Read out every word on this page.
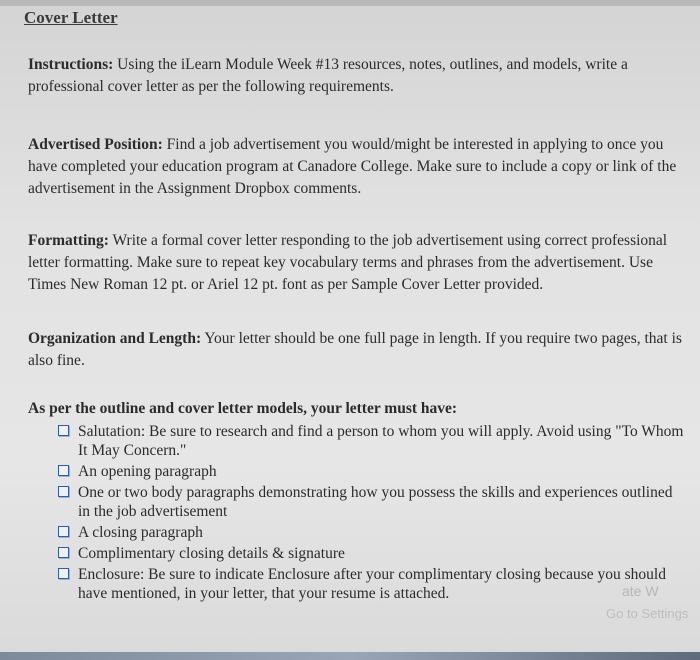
Cover Letter
Instructions: Using the iLearn Module Week #13 resources, notes, outlines, and models, write a professional cover letter as per the following requirements.
Advertised Position: Find a job advertisement you would/might be interested in applying to once you have completed your education program at Canadore College. Make sure to include a copy or link of the advertisement in the Assignment Dropbox comments.
Formatting: Write a formal cover letter responding to the job advertisement using correct professional letter formatting. Make sure to repeat key vocabulary terms and phrases from the advertisement. Use Times New Roman 12 pt. or Ariel 12 pt. font as per Sample Cover Letter provided.
Organization and Length: Your letter should be one full page in length. If you require two pages, that is also fine.
As per the outline and cover letter models, your letter must have:
Salutation: Be sure to research and find a person to whom you will apply. Avoid using "To Whom It May Concern."
An opening paragraph
One or two body paragraphs demonstrating how you possess the skills and experiences outlined in the job advertisement
A closing paragraph
Complimentary closing details & signature
Enclosure: Be sure to indicate Enclosure after your complimentary closing because you should have mentioned, in your letter, that your resume is attached.	ate W
Go to Settings
